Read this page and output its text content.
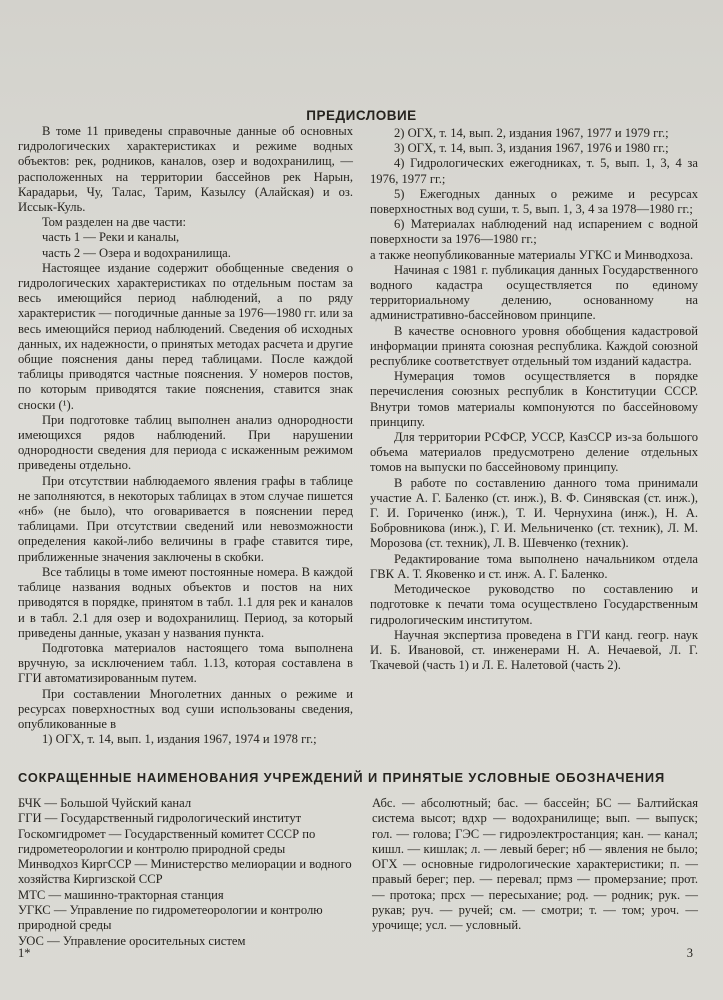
ПРЕДИСЛОВИЕ

В томе 11 приведены справочные данные об основных гидрологических характеристиках и режиме водных объектов: рек, родников, каналов, озер и водохранилищ, — расположенных на территории бассейнов рек Нарын, Карадарьи, Чу, Талас, Тарим, Казылсу (Алайская) и оз. Иссык-Куль.

Том разделен на две части:

часть 1 — Реки и каналы,

часть 2 — Озера и водохранилища.

Настоящее издание содержит обобщенные сведения о гидрологических характеристиках по отдельным постам за весь имеющийся период наблюдений, а по ряду характеристик — погодичные данные за 1976—1980 гг. или за весь имеющийся период наблюдений. Сведения об исходных данных, их надежности, о принятых методах расчета и другие общие пояснения даны перед таблицами. После каждой таблицы приводятся частные пояснения. У номеров постов, по которым приводятся такие пояснения, ставится знак сноски (¹).

При подготовке таблиц выполнен анализ однородности имеющихся рядов наблюдений. При нарушении однородности сведения для периода с искаженным режимом приведены отдельно.

При отсутствии наблюдаемого явления графы в таблице не заполняются, в некоторых таблицах в этом случае пишется «нб» (не было), что оговаривается в пояснении перед таблицами. При отсутствии сведений или невозможности определения какой-либо величины в графе ставится тире, приближенные значения заключены в скобки.

Все таблицы в томе имеют постоянные номера. В каждой таблице названия водных объектов и постов на них приводятся в порядке, принятом в табл. 1.1 для рек и каналов и в табл. 2.1 для озер и водохранилищ. Период, за который приведены данные, указан у названия пункта.

Подготовка материалов настоящего тома выполнена вручную, за исключением табл. 1.13, которая составлена в ГГИ автоматизированным путем.

При составлении Многолетних данных о режиме и ресурсах поверхностных вод суши использованы сведения, опубликованные в

1) ОГХ, т. 14, вып. 1, издания 1967, 1974 и 1978 гг.;

2) ОГХ, т. 14, вып. 2, издания 1967, 1977 и 1979 гг.;

3) ОГХ, т. 14, вып. 3, издания 1967, 1976 и 1980 гг.;

4) Гидрологических ежегодниках, т. 5, вып. 1, 3, 4 за 1976, 1977 гг.;

5) Ежегодных данных о режиме и ресурсах поверхностных вод суши, т. 5, вып. 1, 3, 4 за 1978—1980 гг.;

6) Материалах наблюдений над испарением с водной поверхности за 1976—1980 гг.;

а также неопубликованные материалы УГКС и Минводхоза.

Начиная с 1981 г. публикация данных Государственного водного кадастра осуществляется по единому территориальному делению, основанному на административно-бассейновом принципе.

В качестве основного уровня обобщения кадастровой информации принята союзная республика. Каждой союзной республике соответствует отдельный том изданий кадастра.

Нумерация томов осуществляется в порядке перечисления союзных республик в Конституции СССР. Внутри томов материалы компонуются по бассейновому принципу.

Для территории РСФСР, УССР, КазССР из-за большого объема материалов предусмотрено деление отдельных томов на выпуски по бассейновому принципу.

В работе по составлению данного тома принимали участие А. Г. Баленко (ст. инж.), В. Ф. Синявская (ст. инж.), Г. И. Гориченко (инж.), Т. И. Чернухина (инж.), Н. А. Бобровникова (инж.), Г. И. Мельниченко (ст. техник), Л. М. Морозова (ст. техник), Л. В. Шевченко (техник).

Редактирование тома выполнено начальником отдела ГВК А. Т. Яковенко и ст. инж. А. Г. Баленко.

Методическое руководство по составлению и подготовке к печати тома осуществлено Государственным гидрологическим институтом.

Научная экспертиза проведена в ГГИ канд. геогр. наук И. Б. Ивановой, ст. инженерами Н. А. Нечаевой, Л. Г. Ткачевой (часть 1) и Л. Е. Налетовой (часть 2).

СОКРАЩЕННЫЕ НАИМЕНОВАНИЯ УЧРЕЖДЕНИЙ И ПРИНЯТЫЕ УСЛОВНЫЕ ОБОЗНАЧЕНИЯ

БЧК — Большой Чуйский канал

ГГИ — Государственный гидрологический институт

Госкомгидромет — Государственный комитет СССР по гидрометеорологии и контролю природной среды

Минводхоз КиргССР — Министерство мелиорации и водного хозяйства Киргизской ССР

МТС — машинно-тракторная станция

УГКС — Управление по гидрометеорологии и контролю природной среды

УОС — Управление оросительных систем

Абс. — абсолютный; бас. — бассейн; БС — Балтийская система высот; вдхр — водохранилище; вып. — выпуск; гол. — голова; ГЭС — гидроэлектростанция; кан. — канал; кишл. — кишлак; л. — левый берег; нб — явления не было; ОГХ — основные гидрологические характеристики; п. — правый берег; пер. — перевал; прмз — промерзание; прот. — протока; прсх — пересыхание; род. — родник; рук. — рукав; руч. — ручей; см. — смотри; т. — том; уроч. — урочище; усл. — условный.
1*	3
